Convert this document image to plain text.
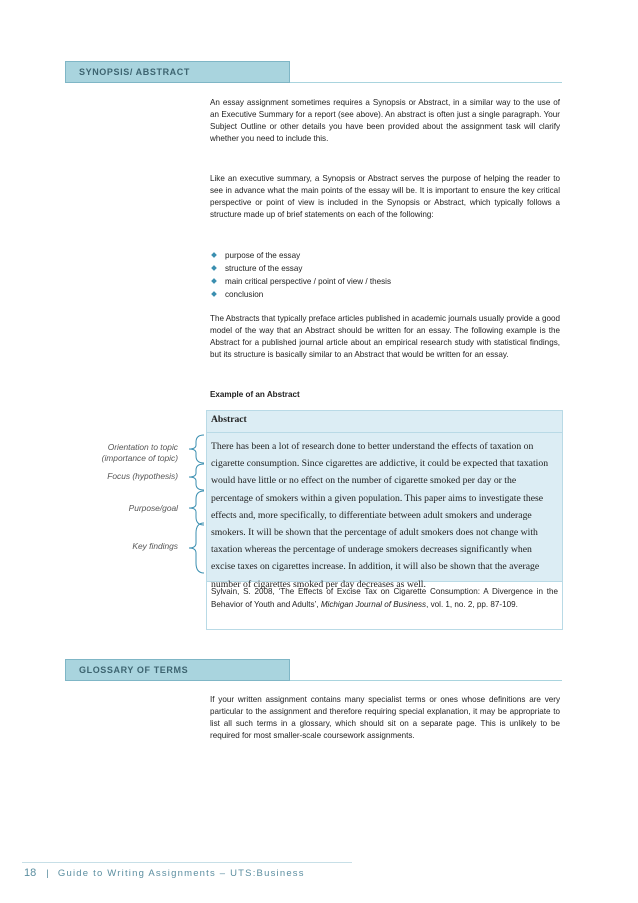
SYNOPSIS/ ABSTRACT

An essay assignment sometimes requires a Synopsis or Abstract, in a similar way to the use of an Executive Summary for a report (see above). An abstract is often just a single paragraph. Your Subject Outline or other details you have been provided about the assignment task will clarify whether you need to include this.

Like an executive summary, a Synopsis or Abstract serves the purpose of helping the reader to see in advance what the main points of the essay will be. It is important to ensure the key critical perspective or point of view is included in the Synopsis or Abstract, which typically follows a structure made up of brief statements on each of the following:

purpose of the essay
structure of the essay
main critical perspective / point of view / thesis
conclusion

The Abstracts that typically preface articles published in academic journals usually provide a good model of the way that an Abstract should be written for an essay. The following example is the Abstract for a published journal article about an empirical research study with statistical findings, but its structure is basically similar to an Abstract that would be written for an essay.

Example of an Abstract
Abstract

There has been a lot of research done to better understand the effects of taxation on cigarette consumption. Since cigarettes are addictive, it could be expected that taxation would have little or no effect on the number of cigarette smoked per day or the percentage of smokers within a given population. This paper aims to investigate these effects and, more specifically, to differentiate between adult smokers and underage smokers. It will be shown that the percentage of adult smokers does not change with taxation whereas the percentage of underage smokers decreases significantly when excise taxes on cigarettes increase. In addition, it will also be shown that the average number of cigarettes smoked per day decreases as well.

Sylvain, S. 2008, ‘The Effects of Excise Tax on Cigarette Consumption: A Divergence in the Behavior of Youth and Adults’, Michigan Journal of Business, vol. 1, no. 2, pp. 87-109.

Orientation to topic
(importance of topic)
Focus (hypothesis)
Purpose/goal
Key findings
GLOSSARY OF TERMS

If your written assignment contains many specialist terms or ones whose definitions are very particular to the assignment and therefore requiring special explanation, it may be appropriate to list all such terms in a glossary, which should sit on a separate page. This is unlikely to be required for most smaller-scale coursework assignments.

18 | Guide to Writing Assignments – UTS:Business
